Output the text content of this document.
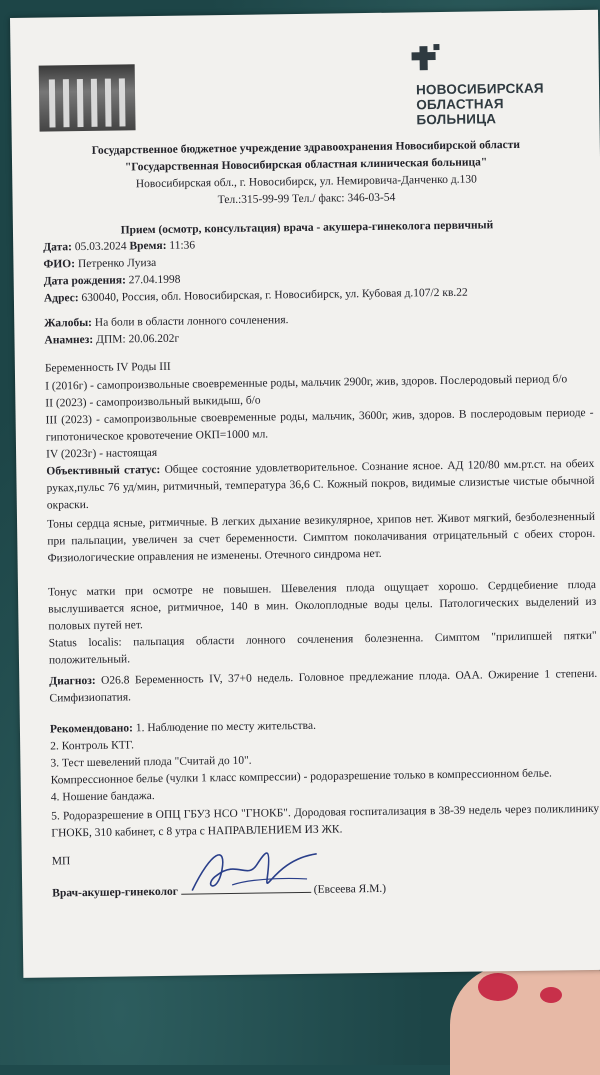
НОВОСИБИРСКАЯ
ОБЛАСТНАЯ
БОЛЬНИЦА
Государственное бюджетное учреждение здравоохранения Новосибирской области
"Государственная Новосибирская областная клиническая больница"
Новосибирская обл., г. Новосибирск, ул. Немировича-Данченко д.130
Тел.:315-99-99 Тел./ факс: 346-03-54
Прием (осмотр, консультация) врача - акушера-гинеколога первичный
Дата: 05.03.2024 Время: 11:36
ФИО: Петренко Луиза
Дата рождения: 27.04.1998
Адрес: 630040, Россия, обл. Новосибирская, г. Новосибирск, ул. Кубовая д.107/2 кв.22
Жалобы: На боли в области лонного сочленения.
Анамнез: ДПМ: 20.06.202г
Беременность IV Роды III
I (2016г) - самопроизвольные своевременные роды, мальчик 2900г, жив, здоров. Послеродовый период б/о
II (2023) - самопроизвольный выкидыш, б/о
III (2023) - самопроизвольные своевременные роды, мальчик, 3600г, жив, здоров. В послеродовым периоде - гипотоническое кровотечение ОКП=1000 мл.
IV (2023г) - настоящая
Объективный статус: Общее состояние удовлетворительное. Сознание ясное. АД 120/80 мм.рт.ст. на обеих руках,пульс 76 уд/мин, ритмичный, температура 36,6 С. Кожный покров, видимые слизистые чистые обычной окраски.
Тоны сердца ясные, ритмичные. В легких дыхание везикулярное, хрипов нет. Живот мягкий, безболезненный при пальпации, увеличен за счет беременности. Симптом поколачивания отрицательный с обеих сторон. Физиологические оправления не изменены. Отечного синдрома нет.
Тонус матки при осмотре не повышен. Шевеления плода ощущает хорошо. Сердцебиение плода выслушивается ясное, ритмичное, 140 в мин. Околоплодные воды целы. Патологических выделений из половых путей нет.
Status localis: пальпация области лонного сочленения болезненна. Симптом "прилипшей пятки" положительный.
Диагноз: O26.8 Беременность IV, 37+0 недель. Головное предлежание плода. ОАА. Ожирение 1 степени. Симфизиопатия.
Рекомендовано: 1. Наблюдение по месту жительства.
2. Контроль КТГ.
3. Тест шевелений плода "Считай до 10".
Компрессионное белье (чулки 1 класс компрессии) - родоразрешение только в компрессионном белье.
4. Ношение бандажа.
5. Родоразрешение в ОПЦ ГБУЗ НСО "ГНОКБ". Дородовая госпитализация в 38-39 недель через поликлинику ГНОКБ, 310 кабинет, с 8 утра с НАПРАВЛЕНИЕМ ИЗ ЖК.
МП
Врач-акушер-гинеколог	(Евсеева Я.М.)
